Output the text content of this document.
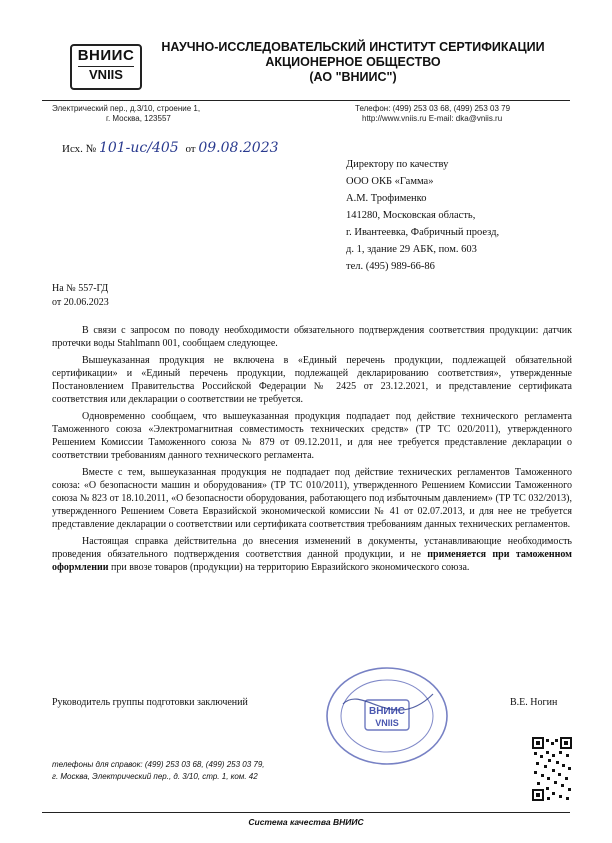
ВНИИС
VNIIS
НАУЧНО-ИССЛЕДОВАТЕЛЬСКИЙ ИНСТИТУТ СЕРТИФИКАЦИИ
АКЦИОНЕРНОЕ ОБЩЕСТВО
(АО "ВНИИС")
Электрический пер., д.3/10, строение 1,
г. Москва, 123557
Телефон: (499) 253 03 68, (499) 253 03 79
http://www.vniis.ru E-mail: dka@vniis.ru
Исх. № 101-ис/405 от 09.08.2023
Директору по качеству
ООО ОКБ «Гамма»
А.М. Трофименко
141280, Московская область,
г. Ивантеевка, Фабричный проезд,
д. 1, здание 29 АБК, пом. 603
тел. (495) 989-66-86
На № 557-ГД
от 20.06.2023

В связи с запросом по поводу необходимости обязательного подтверждения соответствия продукции: датчик протечки воды Stahlmann 001, сообщаем следующее.

Вышеуказанная продукция не включена в «Единый перечень продукции, подлежащей обязательной сертификации» и «Единый перечень продукции, подлежащей декларированию соответствия», утвержденные Постановлением Правительства Российской Федерации № 2425 от 23.12.2021, и представление сертификата соответствия или декларации о соответствии не требуется.

Одновременно сообщаем, что вышеуказанная продукция подпадает под действие технического регламента Таможенного союза «Электромагнитная совместимость технических средств» (ТР ТС 020/2011), утвержденного Решением Комиссии Таможенного союза № 879 от 09.12.2011, и для нее требуется представление декларации о соответствии требованиям данного технического регламента.

Вместе с тем, вышеуказанная продукция не подпадает под действие технических регламентов Таможенного союза: «О безопасности машин и оборудования» (ТР ТС 010/2011), утвержденного Решением Комиссии Таможенного союза № 823 от 18.10.2011, «О безопасности оборудования, работающего под избыточным давлением» (ТР ТС 032/2013), утвержденного Решением Совета Евразийской экономической комиссии № 41 от 02.07.2013, и для нее не требуется представление декларации о соответствии или сертификата соответствия требованиям данных технических регламентов.

Настоящая справка действительна до внесения изменений в документы, устанавливающие необходимость проведения обязательного подтверждения соответствия данной продукции, и не применяется при таможенном оформлении при ввозе товаров (продукции) на территорию Евразийского экономического союза.

ВНИИС
VNIIS
Руководитель группы подготовки заключений	В.Е. Ногин
телефоны для справок: (499) 253 03 68, (499) 253 03 79,
г. Москва, Электрический пер., д. 3/10, стр. 1, ком. 42
Система качества ВНИИС
